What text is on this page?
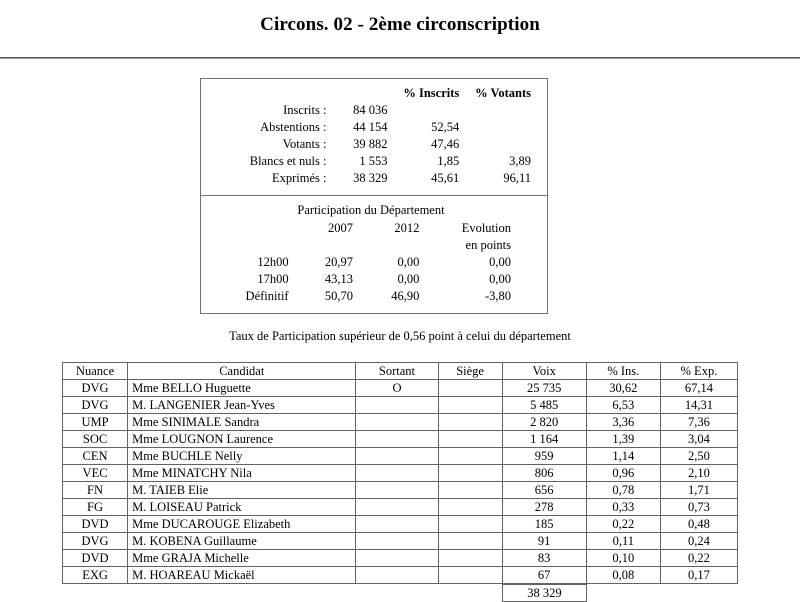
Circons. 02 - 2ème circonscription
		% Inscrits	% Votants
Inscrits :	84 036		
Abstentions :	44 154	52,54	
Votants :	39 882	47,46	
Blancs et nuls :	1 553	1,85	3,89
Exprimés :	38 329	45,61	96,11
Participation du Département			
	2007	2012	Evolution
			en points
12h00	20,97	0,00	0,00
17h00	43,13	0,00	0,00
Définitif	50,70	46,90	-3,80
Taux de Participation supérieur de 0,56 point à celui du département
Nuance	Candidat	Sortant	Siège	Voix	% Ins.	% Exp.
DVG	Mme BELLO Huguette	O		25 735	30,62	67,14
DVG	M. LANGENIER Jean-Yves			5 485	6,53	14,31
UMP	Mme SINIMALE Sandra			2 820	3,36	7,36
SOC	Mme LOUGNON Laurence			1 164	1,39	3,04
CEN	Mme BUCHLE Nelly			959	1,14	2,50
VEC	Mme MINATCHY Nila			806	0,96	2,10
FN	M. TAIEB Elie			656	0,78	1,71
FG	M. LOISEAU Patrick			278	0,33	0,73
DVD	Mme DUCAROUGE Elizabeth			185	0,22	0,48
DVG	M. KOBENA Guillaume			91	0,11	0,24
DVD	Mme GRAJA Michelle			83	0,10	0,22
EXG	M. HOAREAU Mickaël			67	0,08	0,17
				38 329		
